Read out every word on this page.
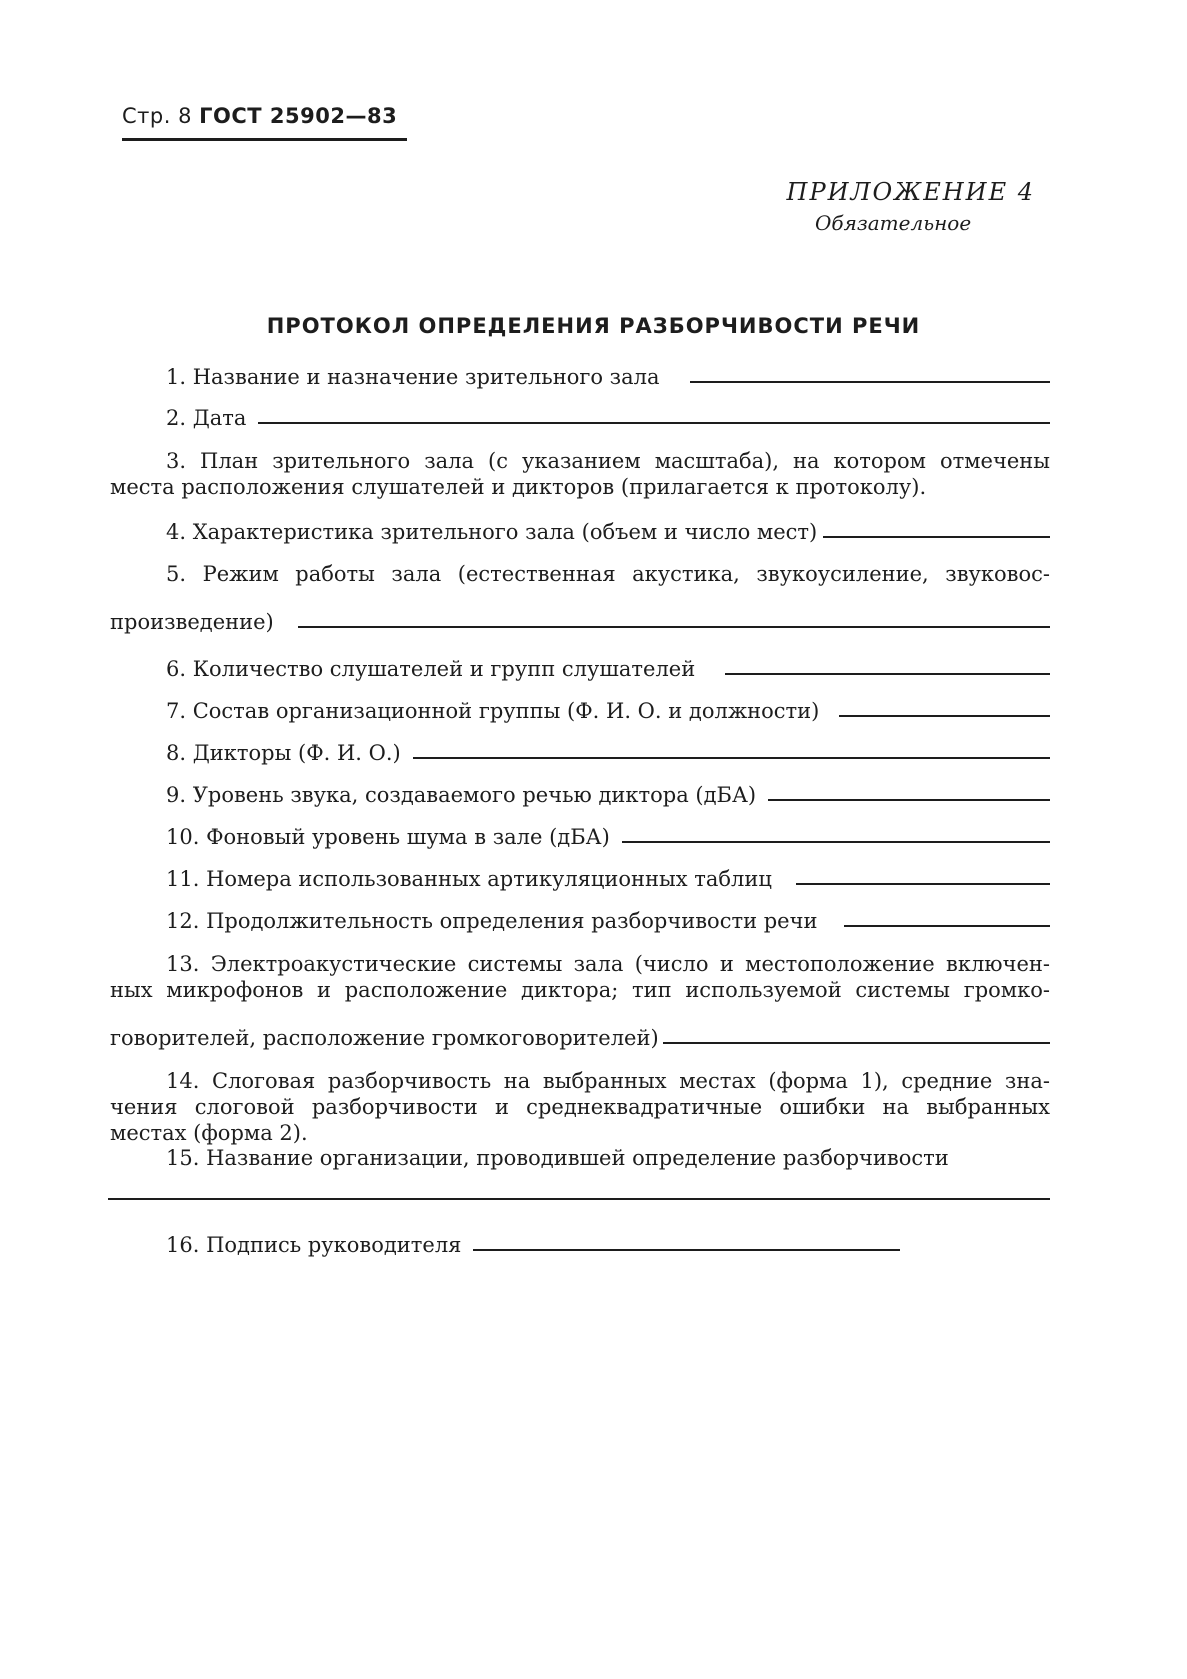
Стр. 8 ГОСТ 25902—83
ПРИЛОЖЕНИЕ 4
Обязательное
ПРОТОКОЛ ОПРЕДЕЛЕНИЯ РАЗБОРЧИВОСТИ РЕЧИ
1. Название и назначение зрительного зала
2. Дата
3. План зрительного зала (с указанием масштаба), на котором отмечены
места расположения слушателей и дикторов (прилагается к протоколу).
4. Характеристика зрительного зала (объем и число мест)
5. Режим работы зала (естественная акустика, звукоусиление, звуковос-
произведение)
6. Количество слушателей и групп слушателей
7. Состав организационной группы (Ф. И. О. и должности)
8. Дикторы (Ф. И. О.)
9. Уровень звука, создаваемого речью диктора (дБА)
10. Фоновый уровень шума в зале (дБА)
11. Номера использованных артикуляционных таблиц
12. Продолжительность определения разборчивости речи
13. Электроакустические системы зала (число и местоположение включен-
ных микрофонов и расположение диктора; тип используемой системы громко-
говорителей, расположение громкоговорителей)
14. Слоговая разборчивость на выбранных местах (форма 1), средние зна-
чения слоговой разборчивости и среднеквадратичные ошибки на выбранных
местах (форма 2).
15. Название организации, проводившей определение разборчивости
16. Подпись руководителя
